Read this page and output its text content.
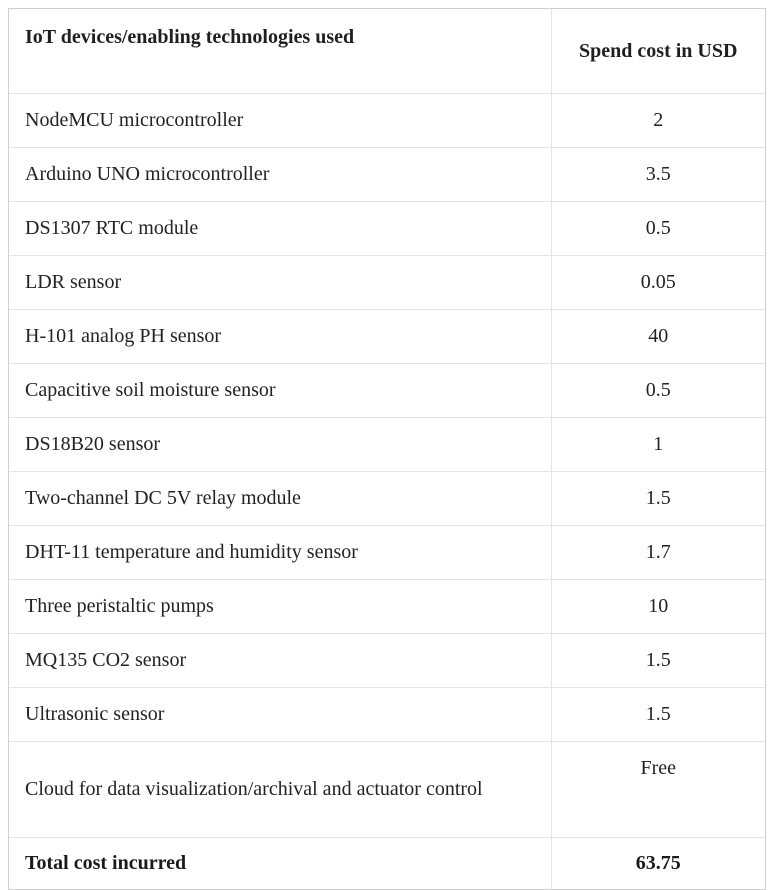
IoT devices/enabling technologies used	Spend cost in USD
NodeMCU microcontroller	2
Arduino UNO microcontroller	3.5
DS1307 RTC module	0.5
LDR sensor	0.05
H-101 analog PH sensor	40
Capacitive soil moisture sensor	0.5
DS18B20 sensor	1
Two-channel DC 5V relay module	1.5
DHT-11 temperature and humidity sensor	1.7
Three peristaltic pumps	10
MQ135 CO2 sensor	1.5
Ultrasonic sensor	1.5
Cloud for data visualization/archival and actuator control	Free
Total cost incurred	63.75
